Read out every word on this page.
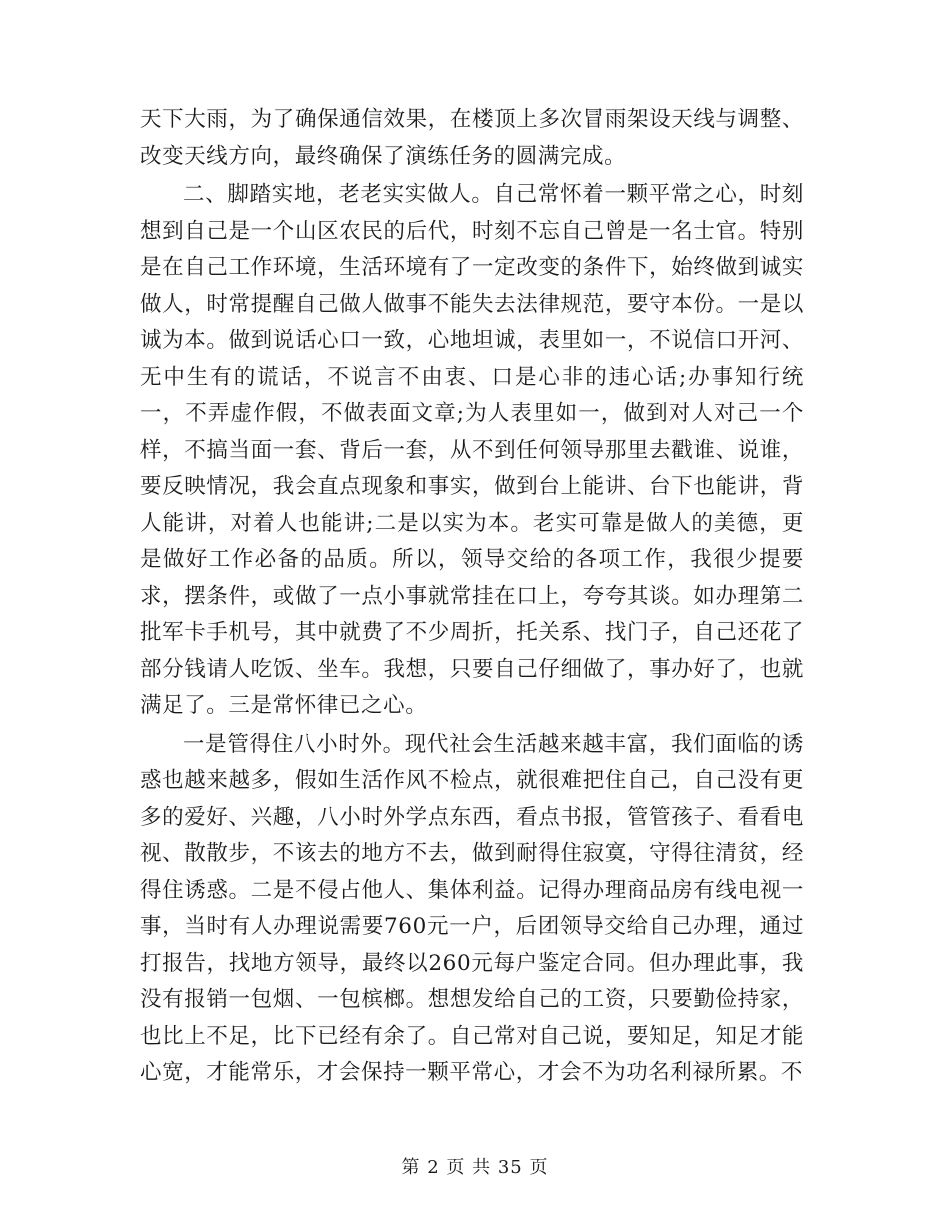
天下大雨，为了确保通信效果，在楼顶上多次冒雨架设天线与调整、改变天线方向，最终确保了演练任务的圆满完成。

二、脚踏实地，老老实实做人。自己常怀着一颗平常之心，时刻想到自己是一个山区农民的后代，时刻不忘自己曾是一名士官。特别是在自己工作环境，生活环境有了一定改变的条件下，始终做到诚实做人，时常提醒自己做人做事不能失去法律规范，要守本份。一是以诚为本。做到说话心口一致，心地坦诚，表里如一，不说信口开河、无中生有的谎话，不说言不由衷、口是心非的违心话;办事知行统一，不弄虚作假，不做表面文章;为人表里如一，做到对人对己一个样，不搞当面一套、背后一套，从不到任何领导那里去戳谁、说谁，要反映情况，我会直点现象和事实，做到台上能讲、台下也能讲，背人能讲，对着人也能讲;二是以实为本。老实可靠是做人的美德，更是做好工作必备的品质。所以，领导交给的各项工作，我很少提要求，摆条件，或做了一点小事就常挂在口上，夸夸其谈。如办理第二批军卡手机号，其中就费了不少周折，托关系、找门子，自己还花了部分钱请人吃饭、坐车。我想，只要自己仔细做了，事办好了，也就满足了。三是常怀律已之心。

一是管得住八小时外。现代社会生活越来越丰富，我们面临的诱惑也越来越多，假如生活作风不检点，就很难把住自己，自己没有更多的爱好、兴趣，八小时外学点东西，看点书报，管管孩子、看看电视、散散步，不该去的地方不去，做到耐得住寂寞，守得往清贫，经得住诱惑。二是不侵占他人、集体利益。记得办理商品房有线电视一事，当时有人办理说需要760元一户，后团领导交给自己办理，通过打报告，找地方领导，最终以260元每户鉴定合同。但办理此事，我没有报销一包烟、一包槟榔。想想发给自己的工资，只要勤俭持家，也比上不足，比下已经有余了。自己常对自己说，要知足，知足才能心宽，才能常乐，才会保持一颗平常心，才会不为功名利禄所累。不

第 2 页 共 35 页
